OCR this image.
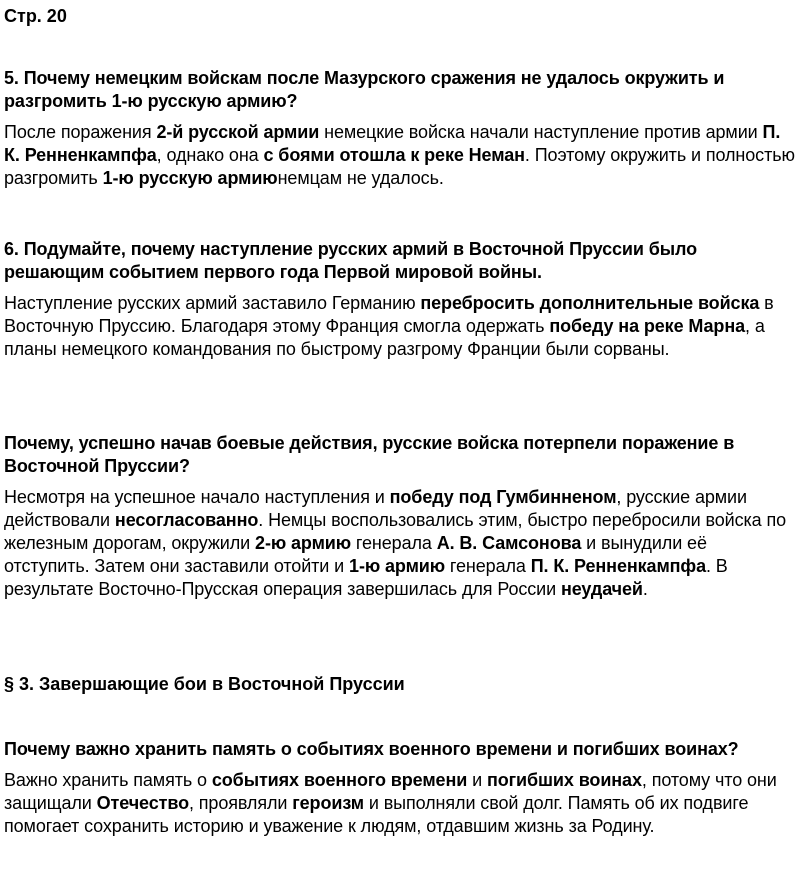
Стр. 20

5. Почему немецким войскам после Мазурского сражения не удалось окружить и разгромить 1-ю русскую армию?

После поражения 2-й русской армии немецкие войска начали наступление против армии П. К. Ренненкампфа, однако она с боями отошла к реке Неман. Поэтому окружить и полностью разгромить 1-ю русскую армиюнемцам не удалось.

6. Подумайте, почему наступление русских армий в Восточной Пруссии было решающим событием первого года Первой мировой войны.

Наступление русских армий заставило Германию перебросить дополнительные войска в Восточную Пруссию. Благодаря этому Франция смогла одержать победу на реке Марна, а планы немецкого командования по быстрому разгрому Франции были сорваны.

Почему, успешно начав боевые действия, русские войска потерпели поражение в Восточной Пруссии?

Несмотря на успешное начало наступления и победу под Гумбинненом, русские армии действовали несогласованно. Немцы воспользовались этим, быстро перебросили войска по железным дорогам, окружили 2-ю армию генерала А. В. Самсонова и вынудили её отступить. Затем они заставили отойти и 1-ю армию генерала П. К. Ренненкампфа. В результате Восточно-Прусская операция завершилась для России неудачей.

§ 3. Завершающие бои в Восточной Пруссии

Почему важно хранить память о событиях военного времени и погибших воинах?

Важно хранить память о событиях военного времени и погибших воинах, потому что они защищали Отечество, проявляли героизм и выполняли свой долг. Память об их подвиге помогает сохранить историю и уважение к людям, отдавшим жизнь за Родину.
